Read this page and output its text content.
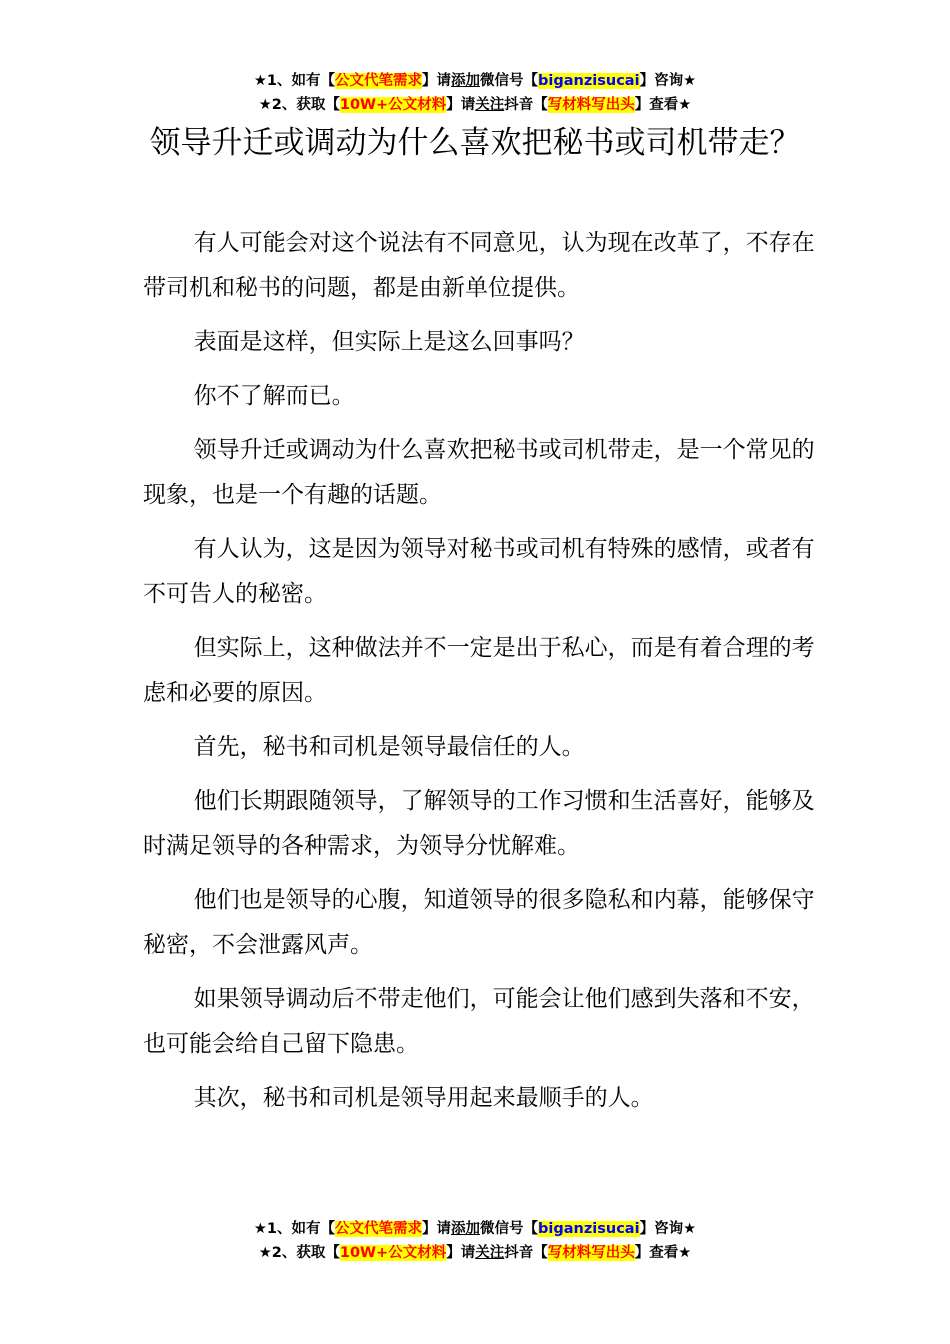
★1、如有【公文代笔需求】请添加微信号【biganzisucai】咨询★
★2、获取【10W+公文材料】请关注抖音【写材料写出头】查看★
领导升迁或调动为什么喜欢把秘书或司机带走？

有人可能会对这个说法有不同意见，认为现在改革了，不存在带司机和秘书的问题，都是由新单位提供。

表面是这样，但实际上是这么回事吗？

你不了解而已。

领导升迁或调动为什么喜欢把秘书或司机带走，是一个常见的现象，也是一个有趣的话题。

有人认为，这是因为领导对秘书或司机有特殊的感情，或者有不可告人的秘密。

但实际上，这种做法并不一定是出于私心，而是有着合理的考虑和必要的原因。

首先，秘书和司机是领导最信任的人。

他们长期跟随领导，了解领导的工作习惯和生活喜好，能够及时满足领导的各种需求，为领导分忧解难。

他们也是领导的心腹，知道领导的很多隐私和内幕，能够保守秘密，不会泄露风声。

如果领导调动后不带走他们，可能会让他们感到失落和不安，也可能会给自己留下隐患。

其次，秘书和司机是领导用起来最顺手的人。

★1、如有【公文代笔需求】请添加微信号【biganzisucai】咨询★
★2、获取【10W+公文材料】请关注抖音【写材料写出头】查看★
